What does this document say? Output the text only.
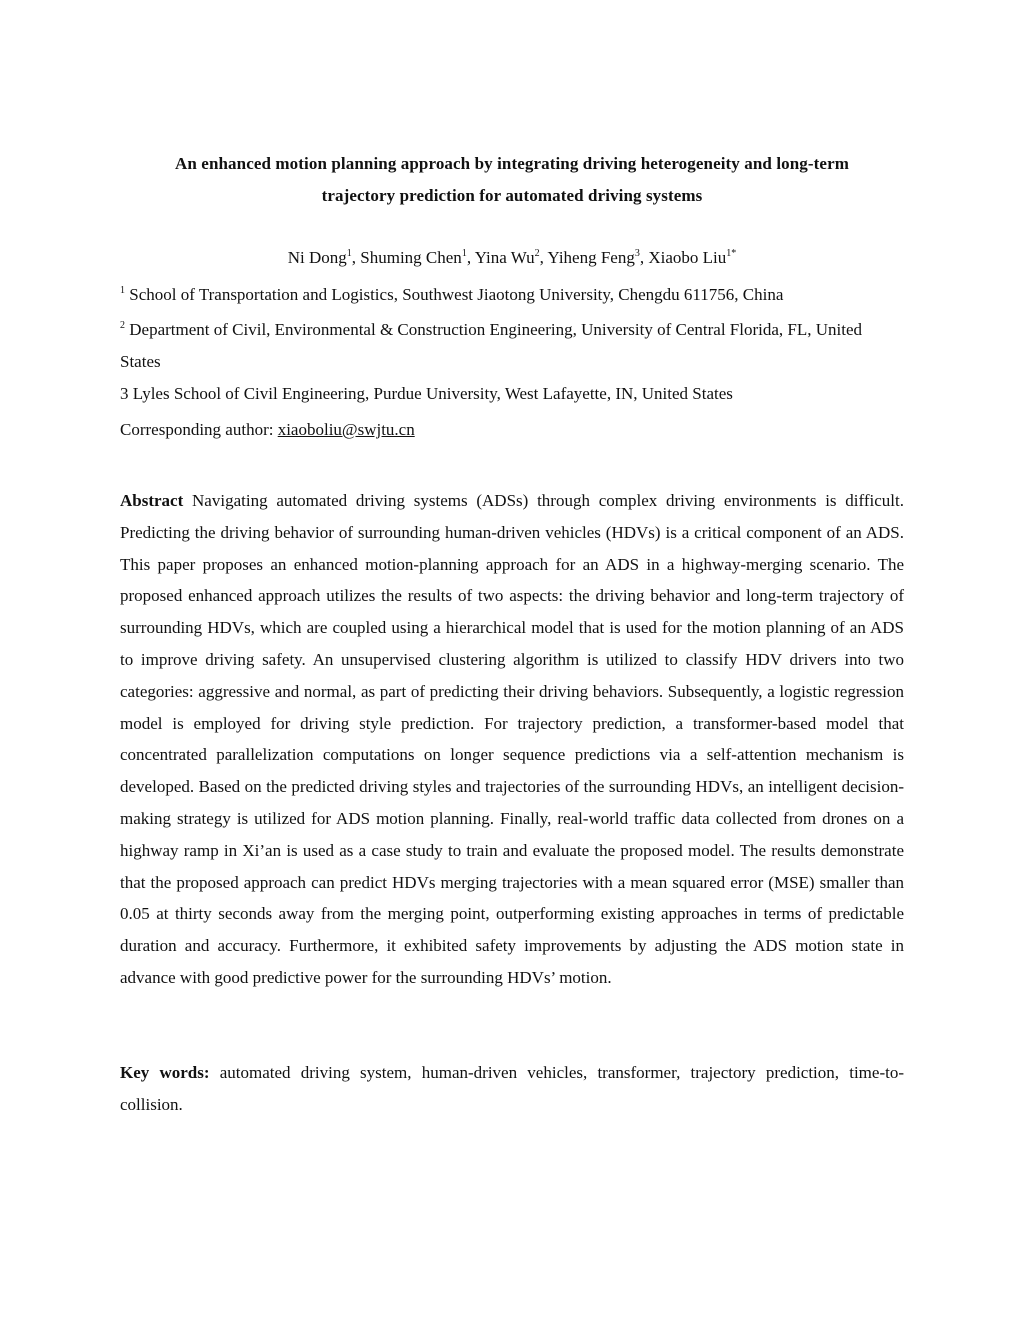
An enhanced motion planning approach by integrating driving heterogeneity and long-term
trajectory prediction for automated driving systems
Ni Dong$^1$, Shuming Chen$^1$, Yina Wu$^2$, Yiheng Feng$^3$, Xiaobo Liu$^{1*}$
$^1$ School of Transportation and Logistics, Southwest Jiaotong University, Chengdu 611756, China
$^2$ Department of Civil, Environmental & Construction Engineering, University of Central Florida, FL, United States
3 Lyles School of Civil Engineering, Purdue University, West Lafayette, IN, United States
Corresponding author: xiaoboliu@swjtu.cn

Abstract Navigating automated driving systems (ADSs) through complex driving environments is difficult. Predicting the driving behavior of surrounding human-driven vehicles (HDVs) is a critical component of an ADS. This paper proposes an enhanced motion-planning approach for an ADS in a highway-merging scenario. The proposed enhanced approach utilizes the results of two aspects: the driving behavior and long-term trajectory of surrounding HDVs, which are coupled using a hierarchical model that is used for the motion planning of an ADS to improve driving safety. An unsupervised clustering algorithm is utilized to classify HDV drivers into two categories: aggressive and normal, as part of predicting their driving behaviors. Subsequently, a logistic regression model is employed for driving style prediction. For trajectory prediction, a transformer-based model that concentrated parallelization computations on longer sequence predictions via a self-attention mechanism is developed. Based on the predicted driving styles and trajectories of the surrounding HDVs, an intelligent decision-making strategy is utilized for ADS motion planning. Finally, real-world traffic data collected from drones on a highway ramp in Xi’an is used as a case study to train and evaluate the proposed model. The results demonstrate that the proposed approach can predict HDVs merging trajectories with a mean squared error (MSE) smaller than 0.05 at thirty seconds away from the merging point, outperforming existing approaches in terms of predictable duration and accuracy. Furthermore, it exhibited safety improvements by adjusting the ADS motion state in advance with good predictive power for the surrounding HDVs’ motion.

Key words: automated driving system, human-driven vehicles, transformer, trajectory prediction, time-to-collision.
